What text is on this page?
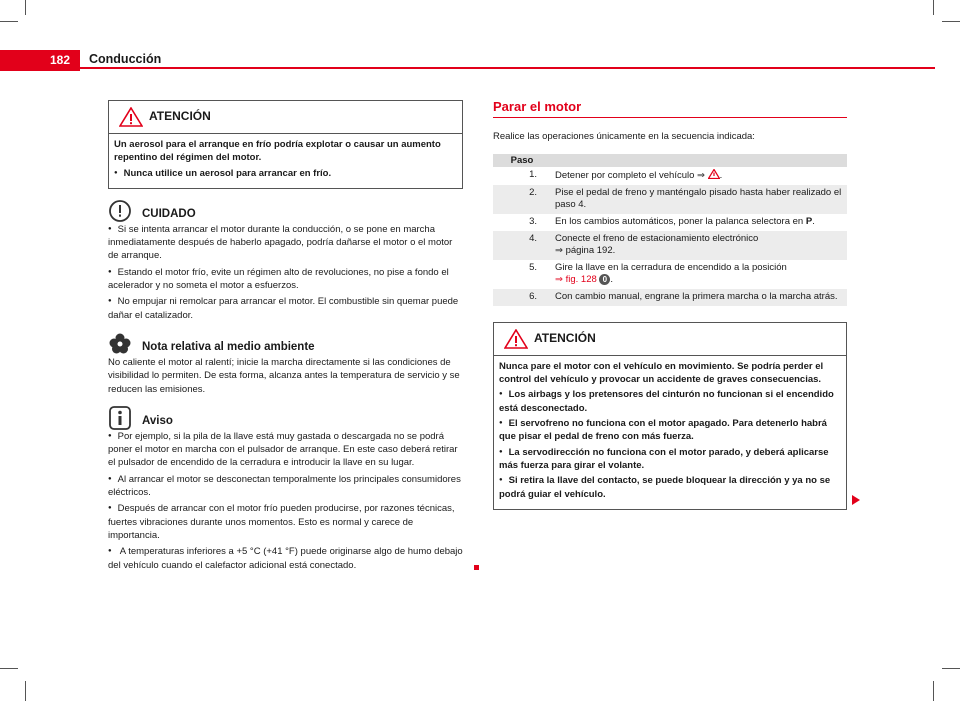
182	Conducción
ATENCIÓN

Un aerosol para el arranque en frío podría explotar o causar un aumento repentino del régimen del motor.

● Nunca utilice un aerosol para arrancar en frío.

CUIDADO

● Si se intenta arrancar el motor durante la conducción, o se pone en marcha inmediatamente después de haberlo apagado, podría dañarse el motor o el motor de arranque.

● Estando el motor frío, evite un régimen alto de revoluciones, no pise a fondo el acelerador y no someta el motor a esfuerzos.

● No empujar ni remolcar para arrancar el motor. El combustible sin quemar puede dañar el catalizador.

Nota relativa al medio ambiente

No caliente el motor al ralentí; inicie la marcha directamente si las condiciones de visibilidad lo permiten. De esta forma, alcanza antes la temperatura de servicio y se reducen las emisiones.

Aviso

● Por ejemplo, si la pila de la llave está muy gastada o descargada no se podrá poner el motor en marcha con el pulsador de arranque. En este caso deberá retirar el pulsador de encendido de la cerradura e introducir la llave en su lugar.

● Al arrancar el motor se desconectan temporalmente los principales consumidores eléctricos.

● Después de arrancar con el motor frío pueden producirse, por razones técnicas, fuertes vibraciones durante unos momentos. Esto es normal y carece de importancia.

● A temperaturas inferiores a +5 °C (+41 °F) puede originarse algo de humo debajo del vehículo cuando el calefactor adicional está conectado.

Parar el motor

Realice las operaciones únicamente en la secuencia indicada:

Paso	
1.	Detener por completo el vehículo ⇒ .
2.	Pise el pedal de freno y manténgalo pisado hasta haber realizado el paso 4.
3.	En los cambios automáticos, poner la palanca selectora en P.
4.	Conecte el freno de estacionamiento electrónico
⇒ página 192.
5.	Gire la llave en la cerradura de encendido a la posición
⇒ fig. 128 0 .
6.	Con cambio manual, engrane la primera marcha o la marcha atrás.
ATENCIÓN

Nunca pare el motor con el vehículo en movimiento. Se podría perder el control del vehículo y provocar un accidente de graves consecuencias.

● Los airbags y los pretensores del cinturón no funcionan si el encendido está desconectado.

● El servofreno no funciona con el motor apagado. Para detenerlo habrá que pisar el pedal de freno con más fuerza.

● La servodirección no funciona con el motor parado, y deberá aplicarse más fuerza para girar el volante.

● Si retira la llave del contacto, se puede bloquear la dirección y ya no se podrá guiar el vehículo.
